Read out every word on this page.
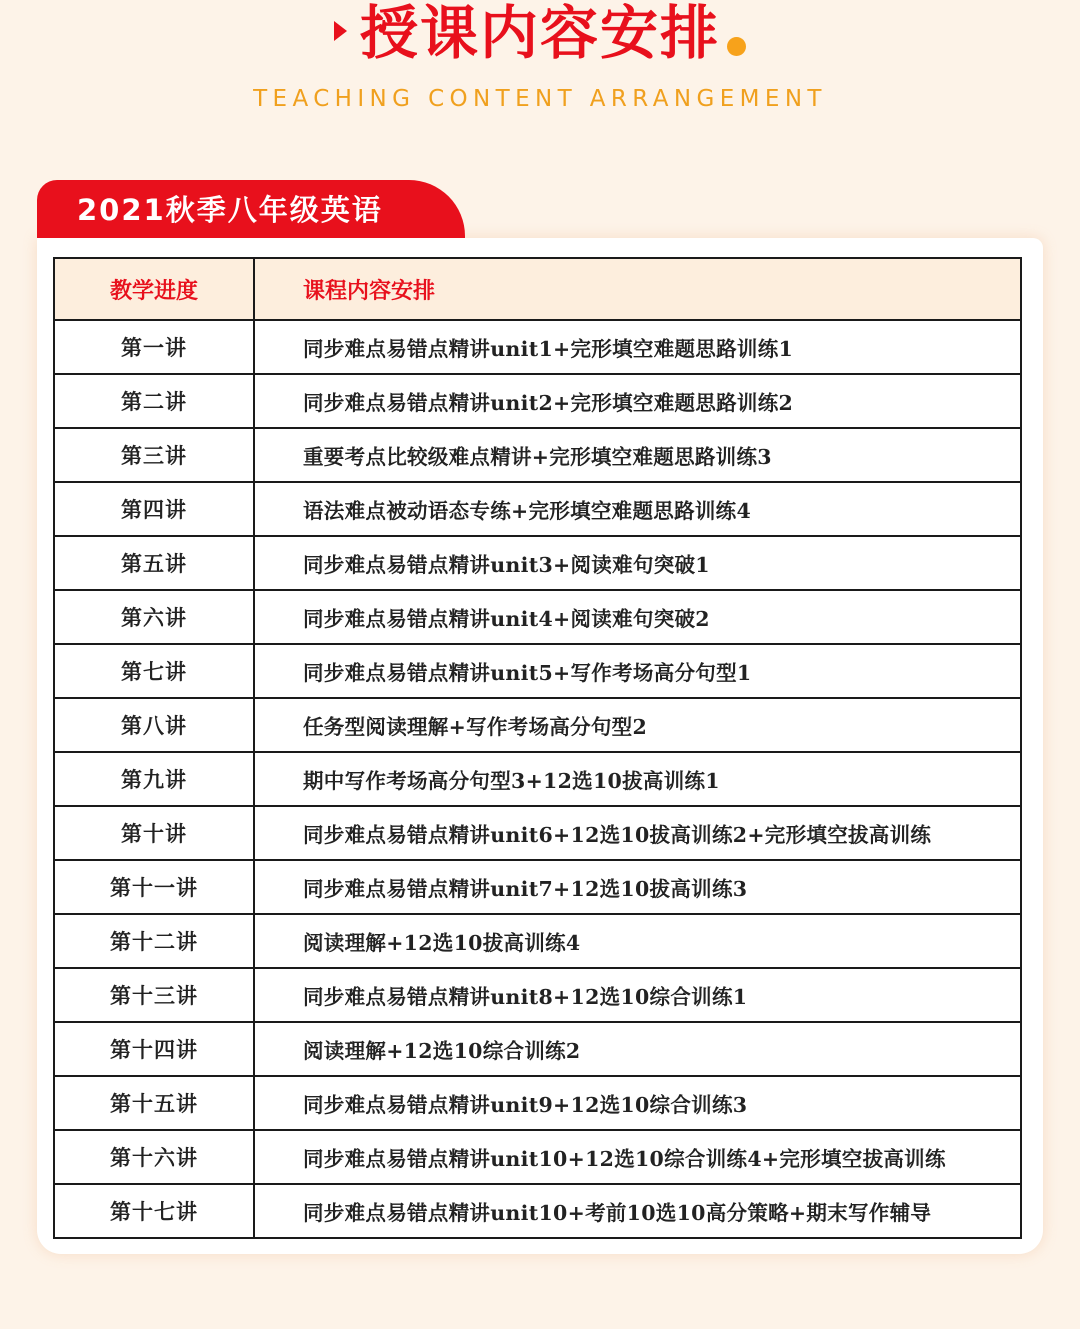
授课内容安排
TEACHING CONTENT ARRANGEMENT
2021秋季八年级英语
教学进度	课程内容安排
第一讲	同步难点易错点精讲unit1+完形填空难题思路训练1
第二讲	同步难点易错点精讲unit2+完形填空难题思路训练2
第三讲	重要考点比较级难点精讲+完形填空难题思路训练3
第四讲	语法难点被动语态专练+完形填空难题思路训练4
第五讲	同步难点易错点精讲unit3+阅读难句突破1
第六讲	同步难点易错点精讲unit4+阅读难句突破2
第七讲	同步难点易错点精讲unit5+写作考场高分句型1
第八讲	任务型阅读理解+写作考场高分句型2
第九讲	期中写作考场高分句型3+12选10拔高训练1
第十讲	同步难点易错点精讲unit6+12选10拔高训练2+完形填空拔高训练
第十一讲	同步难点易错点精讲unit7+12选10拔高训练3
第十二讲	阅读理解+12选10拔高训练4
第十三讲	同步难点易错点精讲unit8+12选10综合训练1
第十四讲	阅读理解+12选10综合训练2
第十五讲	同步难点易错点精讲unit9+12选10综合训练3
第十六讲	同步难点易错点精讲unit10+12选10综合训练4+完形填空拔高训练
第十七讲	同步难点易错点精讲unit10+考前10选10高分策略+期末写作辅导
